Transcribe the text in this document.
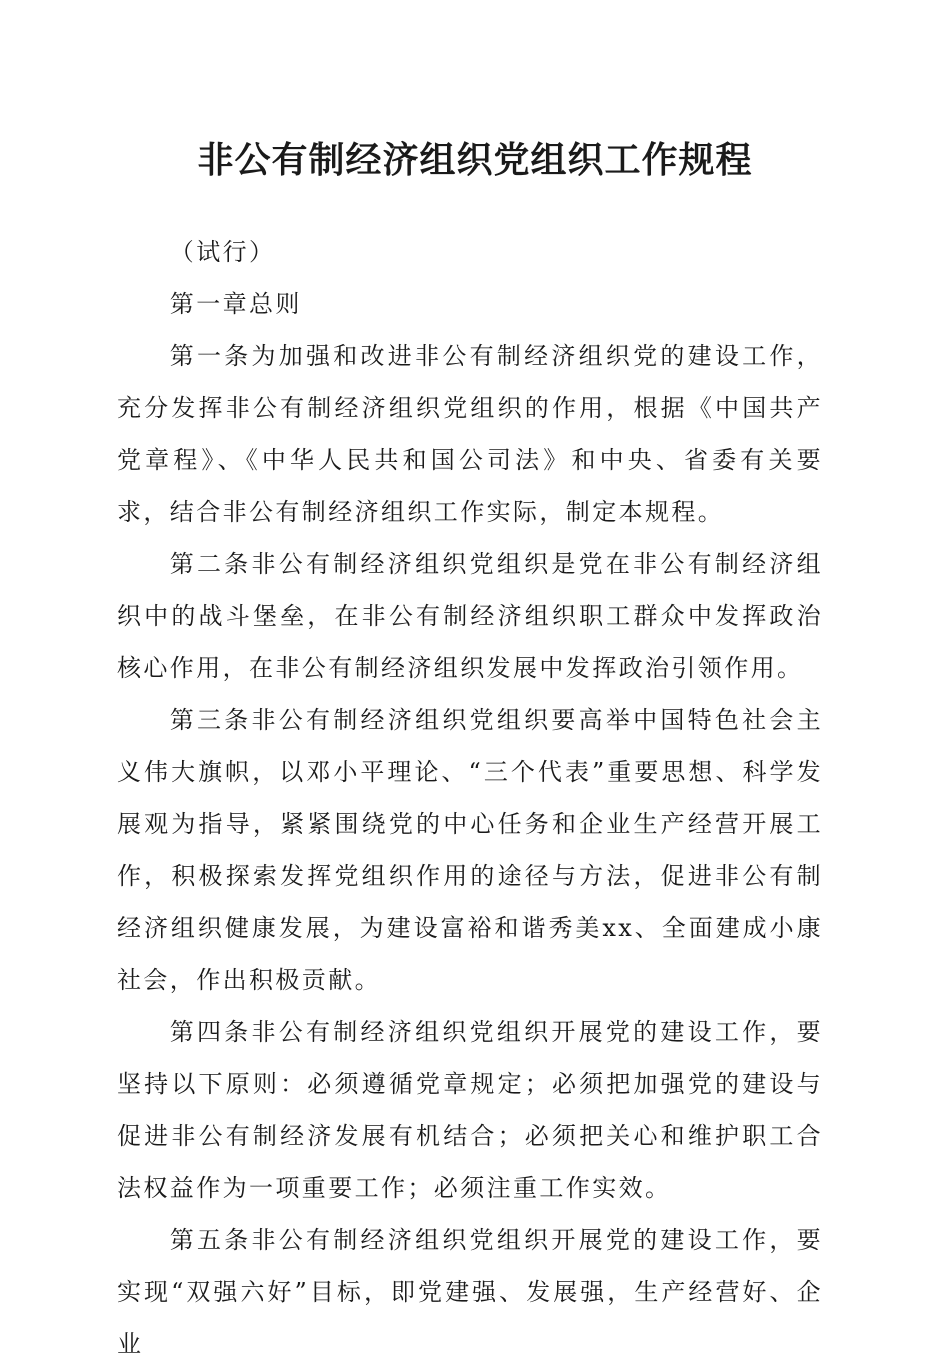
非公有制经济组织党组织工作规程

（试行）

第一章总则

第一条为加强和改进非公有制经济组织党的建设工作，充分发挥非公有制经济组织党组织的作用，根据《中国共产党章程》、《中华人民共和国公司法》和中央、省委有关要求，结合非公有制经济组织工作实际，制定本规程。

第二条非公有制经济组织党组织是党在非公有制经济组织中的战斗堡垒，在非公有制经济组织职工群众中发挥政治核心作用，在非公有制经济组织发展中发挥政治引领作用。

第三条非公有制经济组织党组织要高举中国特色社会主义伟大旗帜，以邓小平理论、“三个代表”重要思想、科学发展观为指导，紧紧围绕党的中心任务和企业生产经营开展工作，积极探索发挥党组织作用的途径与方法，促进非公有制经济组织健康发展，为建设富裕和谐秀美xx、全面建成小康社会，作出积极贡献。

第四条非公有制经济组织党组织开展党的建设工作，要坚持以下原则：必须遵循党章规定；必须把加强党的建设与促进非公有制经济发展有机结合；必须把关心和维护职工合法权益作为一项重要工作；必须注重工作实效。

第五条非公有制经济组织党组织开展党的建设工作，要实现“双强六好”目标，即党建强、发展强，生产经营好、企业
